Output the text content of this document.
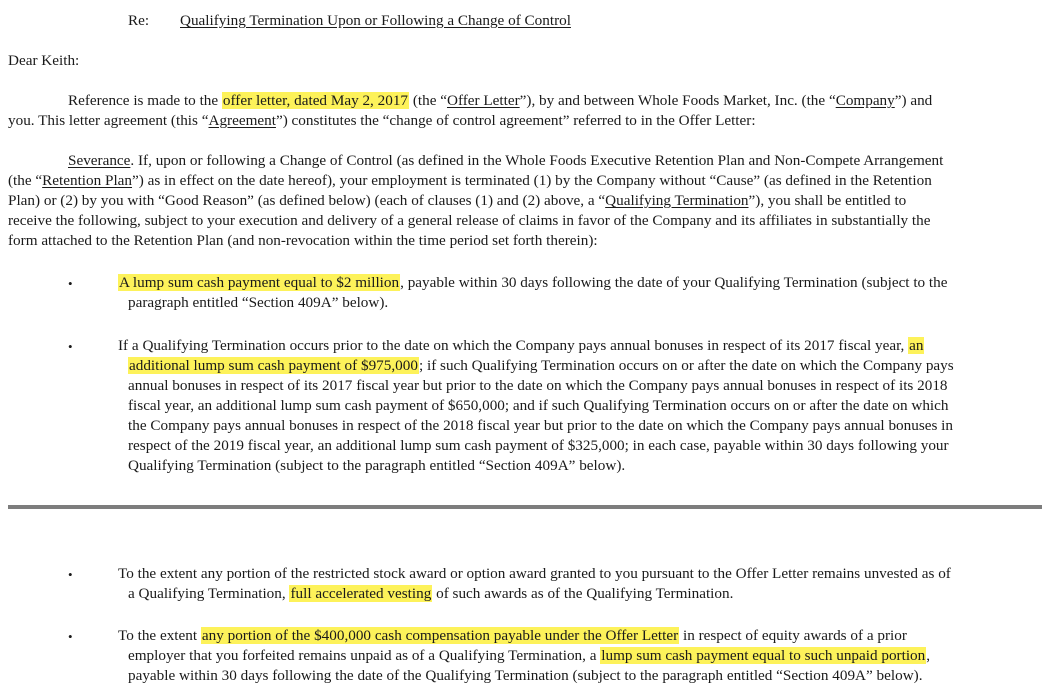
Re: Qualifying Termination Upon or Following a Change of Control
Dear Keith:
Reference is made to the offer letter, dated May 2, 2017 (the “Offer Letter”), by and between Whole Foods Market, Inc. (the “Company”) and
you. This letter agreement (this “Agreement”) constitutes the “change of control agreement” referred to in the Offer Letter:
Severance. If, upon or following a Change of Control (as defined in the Whole Foods Executive Retention Plan and Non-Compete Arrangement
(the “Retention Plan”) as in effect on the date hereof), your employment is terminated (1) by the Company without “Cause” (as defined in the Retention
Plan) or (2) by you with “Good Reason” (as defined below) (each of clauses (1) and (2) above, a “Qualifying Termination”), you shall be entitled to
receive the following, subject to your execution and delivery of a general release of claims in favor of the Company and its affiliates in substantially the
form attached to the Retention Plan (and non-revocation within the time period set forth therein):
•	A lump sum cash payment equal to $2 million, payable within 30 days following the date of your Qualifying Termination (subject to the
paragraph entitled “Section 409A” below).
•	If a Qualifying Termination occurs prior to the date on which the Company pays annual bonuses in respect of its 2017 fiscal year, an
additional lump sum cash payment of $975,000; if such Qualifying Termination occurs on or after the date on which the Company pays
annual bonuses in respect of its 2017 fiscal year but prior to the date on which the Company pays annual bonuses in respect of its 2018
fiscal year, an additional lump sum cash payment of $650,000; and if such Qualifying Termination occurs on or after the date on which
the Company pays annual bonuses in respect of the 2018 fiscal year but prior to the date on which the Company pays annual bonuses in
respect of the 2019 fiscal year, an additional lump sum cash payment of $325,000; in each case, payable within 30 days following your
Qualifying Termination (subject to the paragraph entitled “Section 409A” below).
•	To the extent any portion of the restricted stock award or option award granted to you pursuant to the Offer Letter remains unvested as of
a Qualifying Termination, full accelerated vesting of such awards as of the Qualifying Termination.
•	To the extent any portion of the $400,000 cash compensation payable under the Offer Letter in respect of equity awards of a prior
employer that you forfeited remains unpaid as of a Qualifying Termination, a lump sum cash payment equal to such unpaid portion,
payable within 30 days following the date of the Qualifying Termination (subject to the paragraph entitled “Section 409A” below).
